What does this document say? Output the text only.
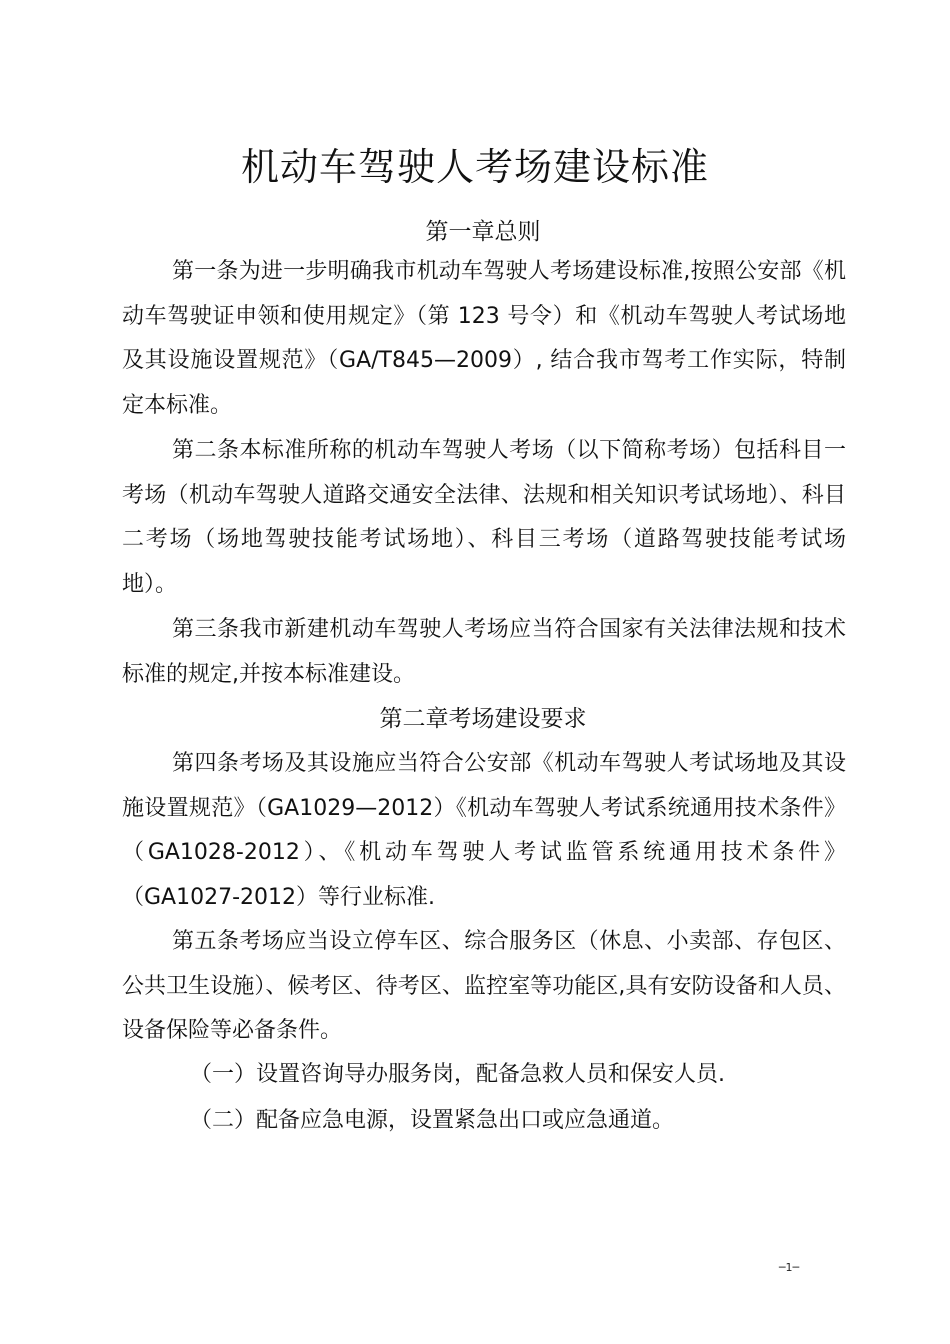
机动车驾驶人考场建设标准
第一章总则

第一条为进一步明确我市机动车驾驶人考场建设标准,按照公安部《机动车驾驶证申领和使用规定》（第 123 号令）和《机动车驾驶人考试场地及其设施设置规范》（GA/T845—2009）, 结合我市驾考工作实际，特制定本标准。

第二条本标准所称的机动车驾驶人考场（以下简称考场）包括科目一考场（机动车驾驶人道路交通安全法律、法规和相关知识考试场地）、科目二考场（场地驾驶技能考试场地）、科目三考场（道路驾驶技能考试场地）。

第三条我市新建机动车驾驶人考场应当符合国家有关法律法规和技术标准的规定,并按本标准建设。

第二章考场建设要求

第四条考场及其设施应当符合公安部《机动车驾驶人考试场地及其设施设置规范》（GA1029—2012）《机动车驾驶人考试系统通用技术条件》（GA1028-2012）、《机动车驾驶人考试监管系统通用技术条件》（GA1027-2012）等行业标准.

第五条考场应当设立停车区、综合服务区（休息、小卖部、存包区、公共卫生设施）、候考区、待考区、监控室等功能区,具有安防设备和人员、设备保险等必备条件。

（一）设置咨询导办服务岗，配备急救人员和保安人员.

（二）配备应急电源，设置紧急出口或应急通道。

─1─
